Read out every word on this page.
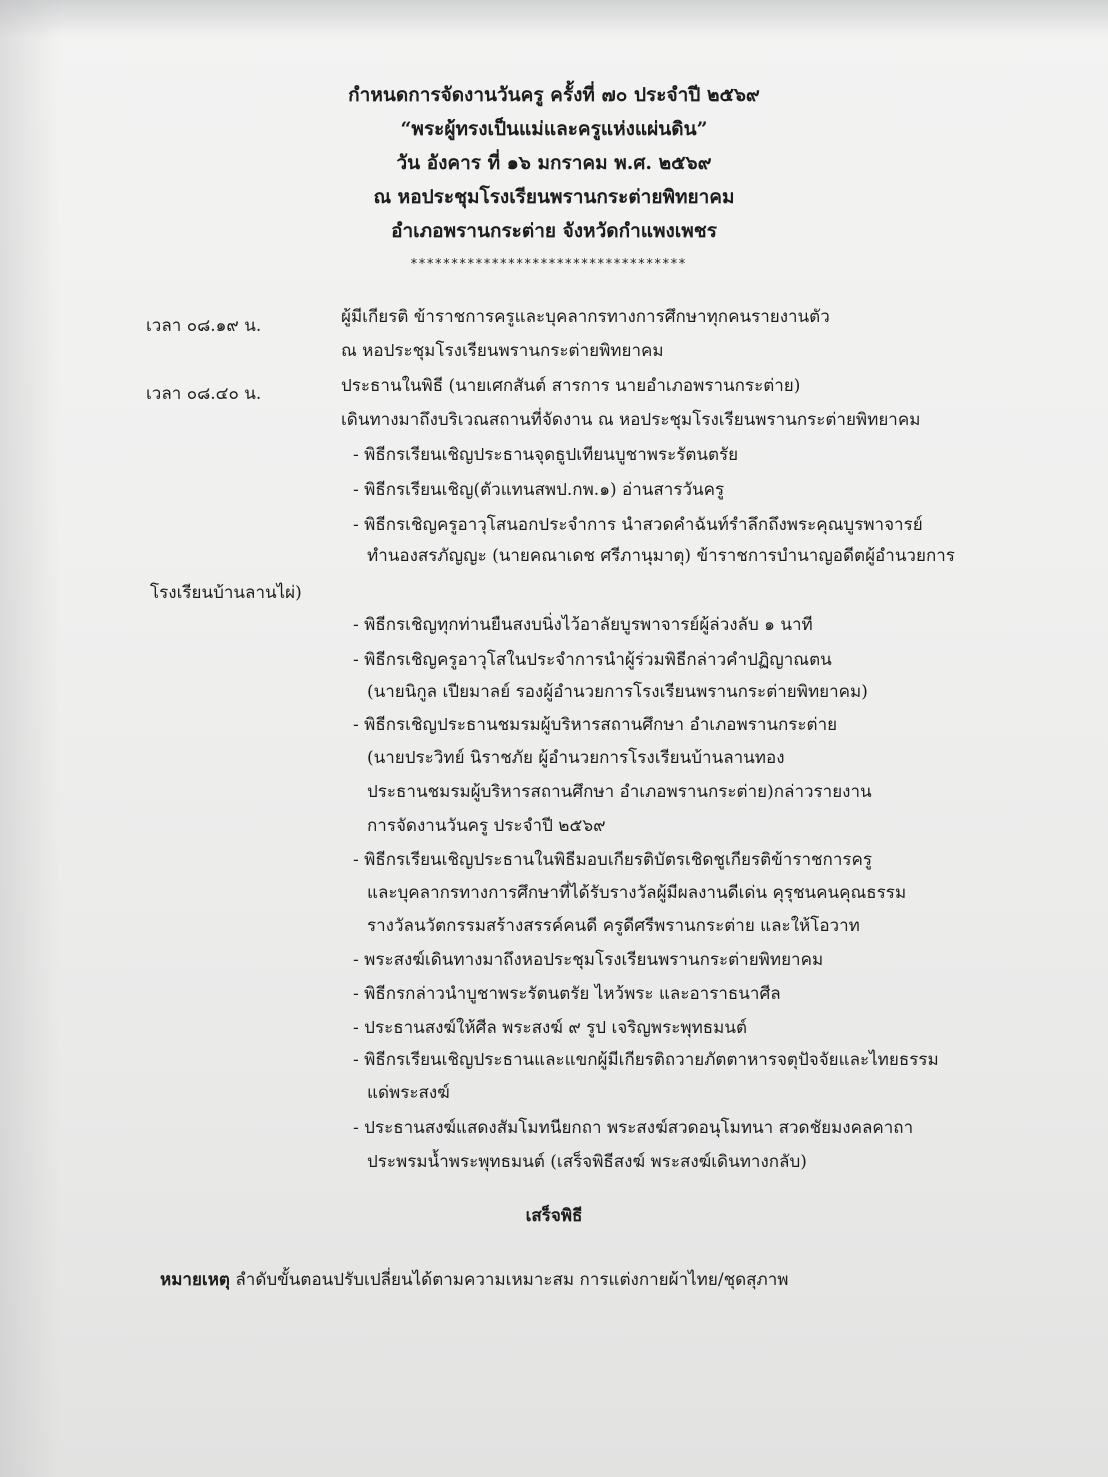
กำหนดการจัดงานวันครู ครั้งที่ ๗๐ ประจำปี ๒๕๖๙
“พระผู้ทรงเป็นแม่และครูแห่งแผ่นดิน”
วัน อังคาร ที่ ๑๖ มกราคม พ.ศ. ๒๕๖๙
ณ หอประชุมโรงเรียนพรานกระต่ายพิทยาคม
อำเภอพรานกระต่าย จังหวัดกำแพงเพชร
**********************************
เวลา ๐๘.๑๙ น.	ผู้มีเกียรติ ข้าราชการครูและบุคลากรทางการศึกษาทุกคนรายงานตัว
ณ หอประชุมโรงเรียนพรานกระต่ายพิทยาคม
เวลา ๐๘.๔๐ น.	ประธานในพิธี (นายเศกสันต์ สารการ นายอำเภอพรานกระต่าย)
เดินทางมาถึงบริเวณสถานที่จัดงาน ณ หอประชุมโรงเรียนพรานกระต่ายพิทยาคม
- พิธีกรเรียนเชิญประธานจุดธูปเทียนบูชาพระรัตนตรัย
- พิธีกรเรียนเชิญ(ตัวแทนสพป.กพ.๑) อ่านสารวันครู
- พิธีกรเชิญครูอาวุโสนอกประจำการ นำสวดคำฉันท์รำลึกถึงพระคุณบูรพาจารย์
ทำนองสรภัญญะ (นายคณาเดช ศรีภานุมาตุ) ข้าราชการบำนาญอดีตผู้อำนวยการ
โรงเรียนบ้านลานไผ่)
- พิธีกรเชิญทุกท่านยืนสงบนิ่งไว้อาลัยบูรพาจารย์ผู้ล่วงลับ ๑ นาที
- พิธีกรเชิญครูอาวุโสในประจำการนำผู้ร่วมพิธีกล่าวคำปฏิญาณตน
(นายนิกูล เปียมาลย์ รองผู้อำนวยการโรงเรียนพรานกระต่ายพิทยาคม)
- พิธีกรเชิญประธานชมรมผู้บริหารสถานศึกษา อำเภอพรานกระต่าย
(นายประวิทย์ นิราชภัย ผู้อำนวยการโรงเรียนบ้านลานทอง
ประธานชมรมผู้บริหารสถานศึกษา อำเภอพรานกระต่าย)กล่าวรายงาน
การจัดงานวันครู ประจำปี ๒๕๖๙
- พิธีกรเรียนเชิญประธานในพิธีมอบเกียรติบัตรเชิดชูเกียรติข้าราชการครู
และบุคลากรทางการศึกษาที่ได้รับรางวัลผู้มีผลงานดีเด่น คุรุชนคนคุณธรรม
รางวัลนวัตกรรมสร้างสรรค์คนดี ครูดีศรีพรานกระต่าย และให้โอวาท
- พระสงฆ์เดินทางมาถึงหอประชุมโรงเรียนพรานกระต่ายพิทยาคม
- พิธีกรกล่าวนำบูชาพระรัตนตรัย ไหว้พระ และอาราธนาศีล
- ประธานสงฆ์ให้ศีล พระสงฆ์ ๙ รูป เจริญพระพุทธมนต์
- พิธีกรเรียนเชิญประธานและแขกผู้มีเกียรติถวายภัตตาหารจตุปัจจัยและไทยธรรม
แด่พระสงฆ์
- ประธานสงฆ์แสดงสัมโมทนียกถา พระสงฆ์สวดอนุโมทนา สวดชัยมงคลคาถา
ประพรมน้ำพระพุทธมนต์ (เสร็จพิธีสงฆ์ พระสงฆ์เดินทางกลับ)
เสร็จพิธี
หมายเหตุ ลำดับขั้นตอนปรับเปลี่ยนได้ตามความเหมาะสม การแต่งกายผ้าไทย/ชุดสุภาพ
